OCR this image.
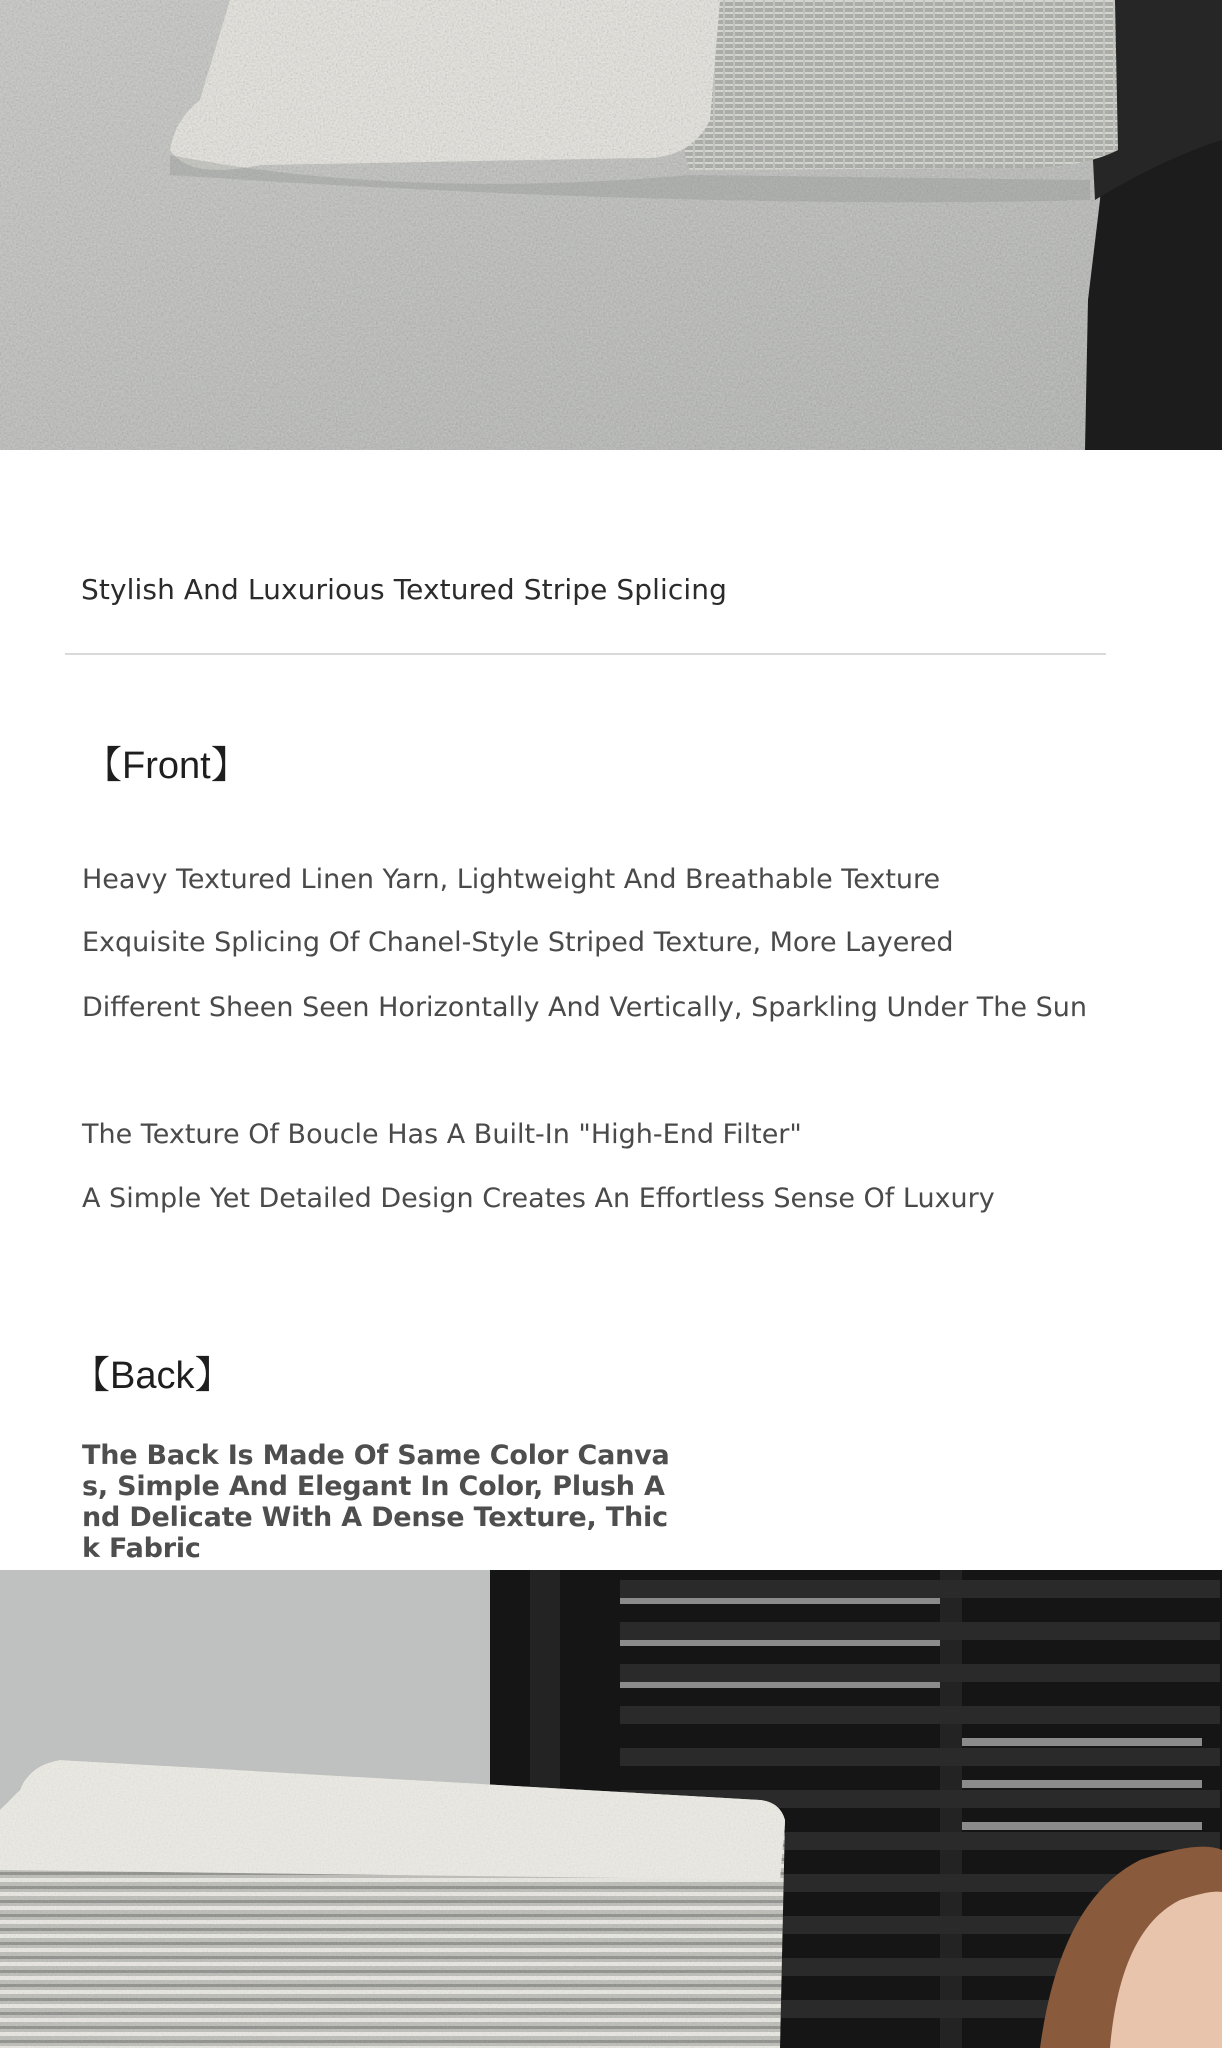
Stylish And Luxurious Textured Stripe Splicing
【Front】
Heavy Textured Linen Yarn, Lightweight And Breathable Texture
Exquisite Splicing Of Chanel-Style Striped Texture, More Layered
Different Sheen Seen Horizontally And Vertically, Sparkling Under The Sun
The Texture Of Boucle Has A Built-In "High-End Filter"
A Simple Yet Detailed Design Creates An Effortless Sense Of Luxury
【Back】
The Back Is Made Of Same Color Canvas, Simple And Elegant In Color, Plush And Delicate With A Dense Texture, Thick Fabric
